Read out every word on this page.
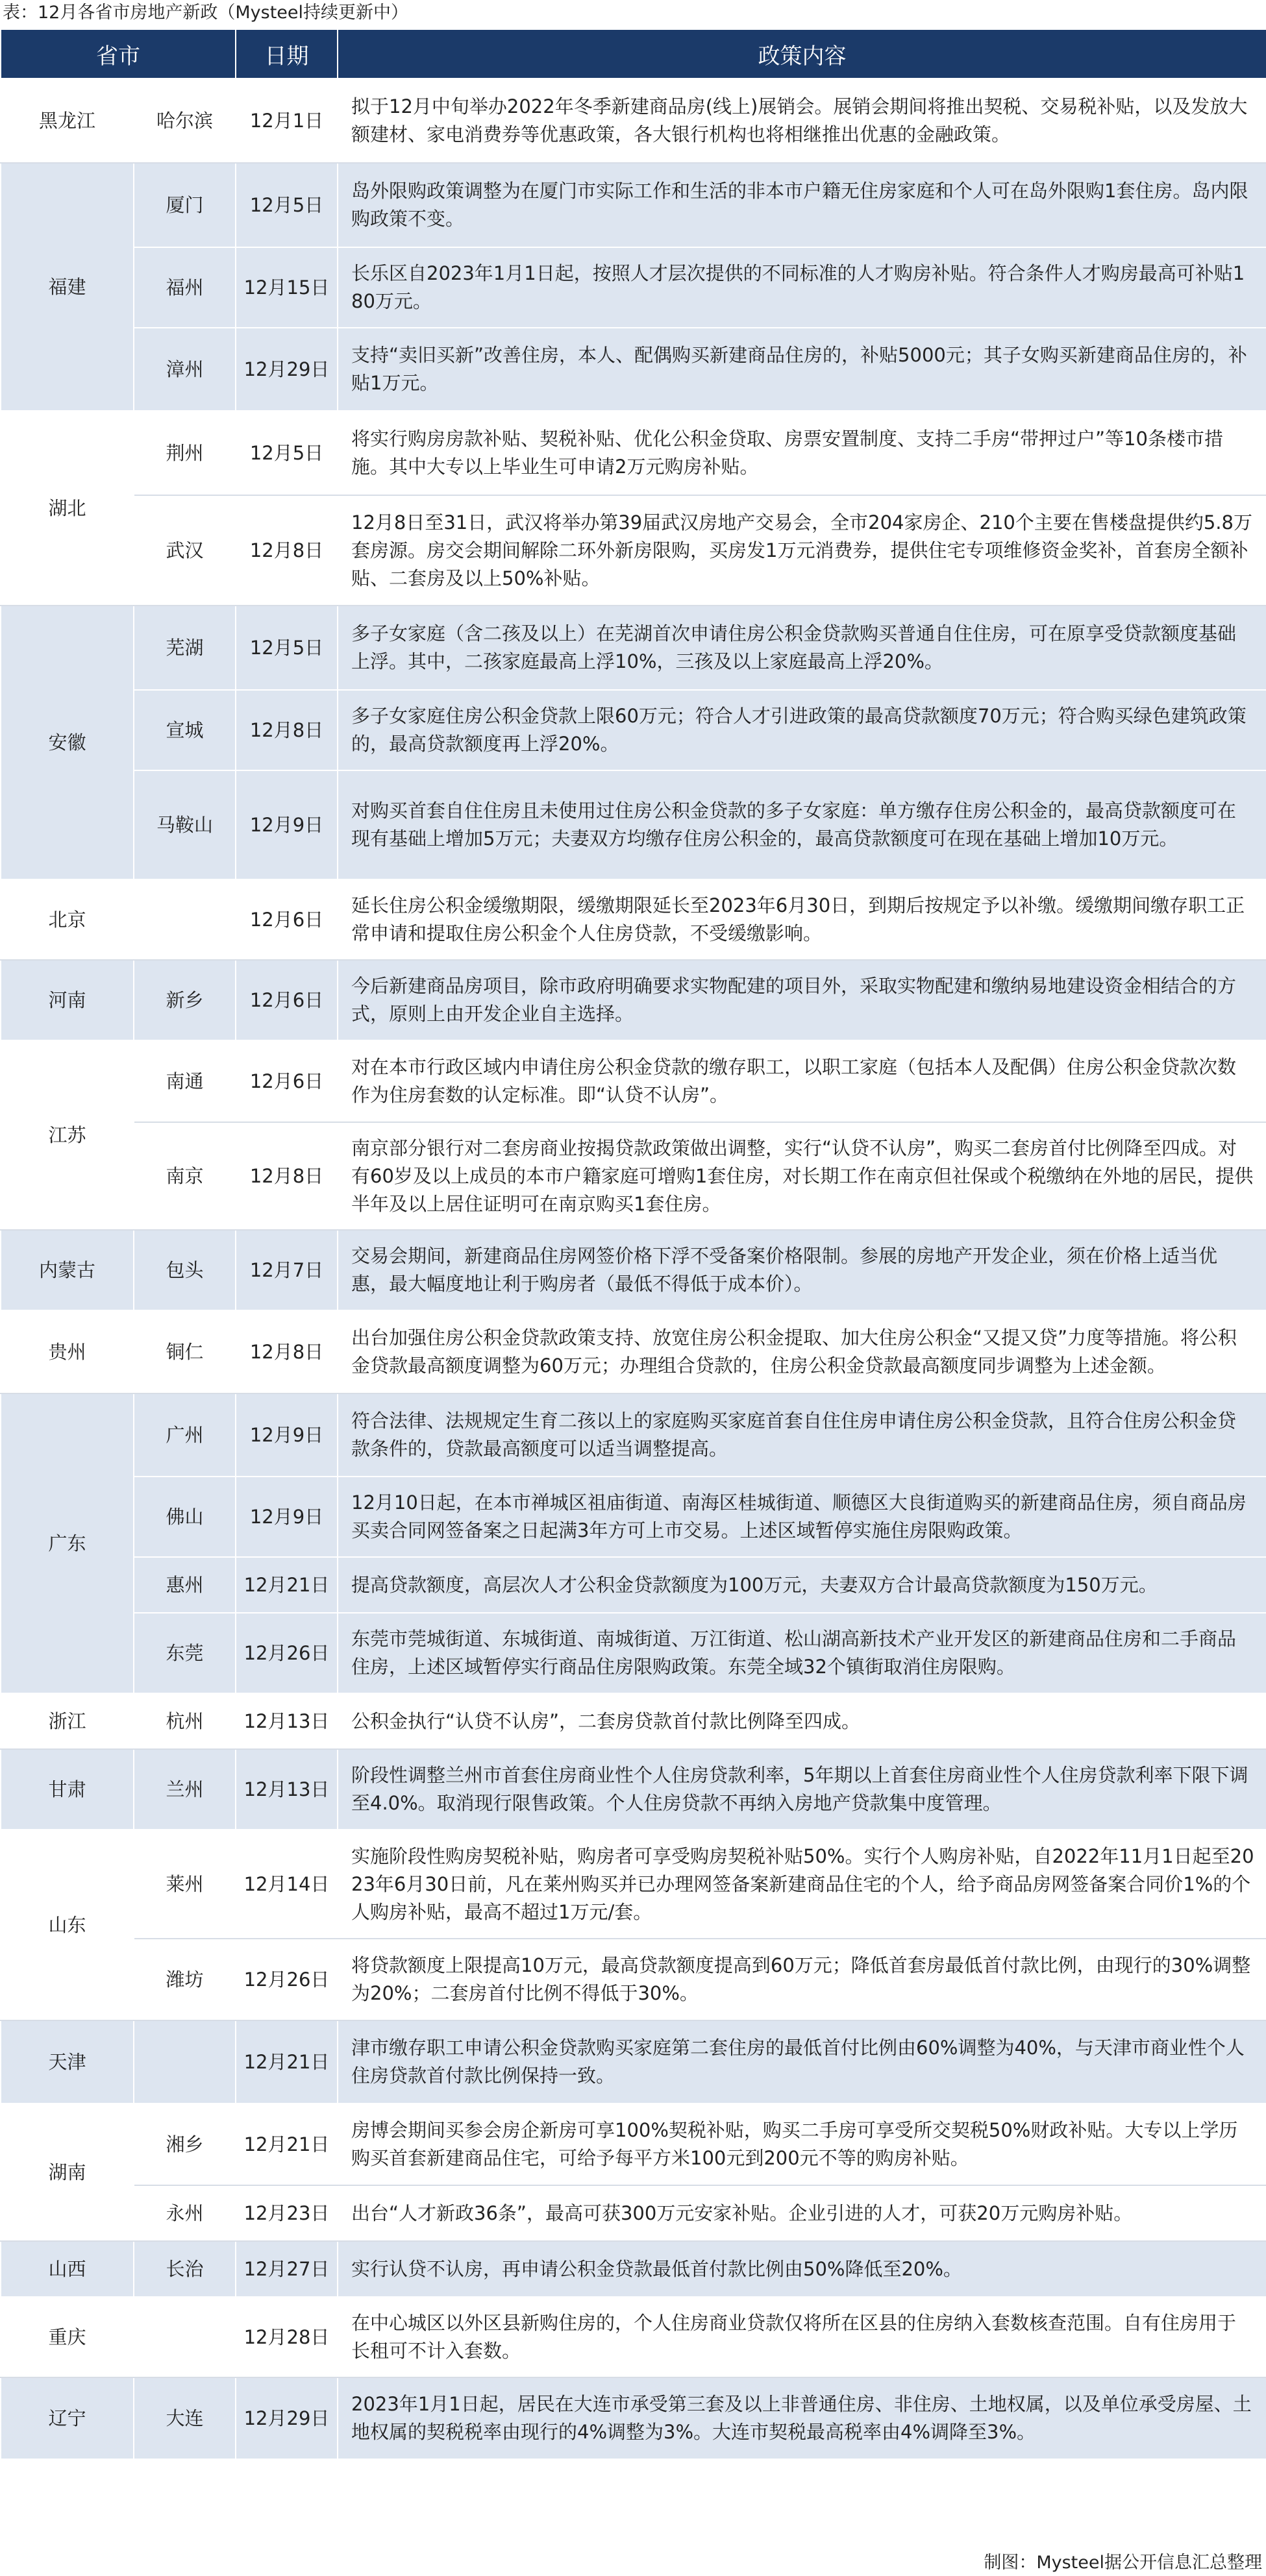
表：12月各省市房地产新政（Mysteel持续更新中）
省市		日期	政策内容
黑龙江	哈尔滨	12月1日	拟于12月中旬举办2022年冬季新建商品房(线上)展销会。展销会期间将推出契税、交易税补贴，以及发放大额建材、家电消费券等优惠政策，各大银行机构也将相继推出优惠的金融政策。
福建	厦门	12月5日	岛外限购政策调整为在厦门市实际工作和生活的非本市户籍无住房家庭和个人可在岛外限购1套住房。岛内限购政策不变。
	福州	12月15日	长乐区自2023年1月1日起，按照人才层次提供的不同标准的人才购房补贴。符合条件人才购房最高可补贴180万元。
	漳州	12月29日	支持“卖旧买新”改善住房，本人、配偶购买新建商品住房的，补贴5000元；其子女购买新建商品住房的，补贴1万元。
湖北	荆州	12月5日	将实行购房房款补贴、契税补贴、优化公积金贷取、房票安置制度、支持二手房“带押过户”等10条楼市措施。其中大专以上毕业生可申请2万元购房补贴。
	武汉	12月8日	12月8日至31日，武汉将举办第39届武汉房地产交易会，全市204家房企、210个主要在售楼盘提供约5.8万套房源。房交会期间解除二环外新房限购，买房发1万元消费券，提供住宅专项维修资金奖补，首套房全额补贴、二套房及以上50%补贴。
安徽	芜湖	12月5日	多子女家庭（含二孩及以上）在芜湖首次申请住房公积金贷款购买普通自住住房，可在原享受贷款额度基础上浮。其中，二孩家庭最高上浮10%，三孩及以上家庭最高上浮20%。
	宣城	12月8日	多子女家庭住房公积金贷款上限60万元；符合人才引进政策的最高贷款额度70万元；符合购买绿色建筑政策的，最高贷款额度再上浮20%。
	马鞍山	12月9日	对购买首套自住住房且未使用过住房公积金贷款的多子女家庭：单方缴存住房公积金的，最高贷款额度可在现有基础上增加5万元；夫妻双方均缴存住房公积金的，最高贷款额度可在现在基础上增加10万元。
北京		12月6日	延长住房公积金缓缴期限，缓缴期限延长至2023年6月30日，到期后按规定予以补缴。缓缴期间缴存职工正常申请和提取住房公积金个人住房贷款，不受缓缴影响。
河南	新乡	12月6日	今后新建商品房项目，除市政府明确要求实物配建的项目外，采取实物配建和缴纳易地建设资金相结合的方式，原则上由开发企业自主选择。
江苏	南通	12月6日	对在本市行政区域内申请住房公积金贷款的缴存职工，以职工家庭（包括本人及配偶）住房公积金贷款次数作为住房套数的认定标准。即“认贷不认房”。
	南京	12月8日	南京部分银行对二套房商业按揭贷款政策做出调整，实行“认贷不认房”，购买二套房首付比例降至四成。对有60岁及以上成员的本市户籍家庭可增购1套住房，对长期工作在南京但社保或个税缴纳在外地的居民，提供半年及以上居住证明可在南京购买1套住房。
内蒙古	包头	12月7日	交易会期间，新建商品住房网签价格下浮不受备案价格限制。参展的房地产开发企业，须在价格上适当优惠，最大幅度地让利于购房者（最低不得低于成本价）。
贵州	铜仁	12月8日	出台加强住房公积金贷款政策支持、放宽住房公积金提取、加大住房公积金“又提又贷”力度等措施。将公积金贷款最高额度调整为60万元；办理组合贷款的，住房公积金贷款最高额度同步调整为上述金额。
广东	广州	12月9日	符合法律、法规规定生育二孩以上的家庭购买家庭首套自住住房申请住房公积金贷款，且符合住房公积金贷款条件的，贷款最高额度可以适当调整提高。
	佛山	12月9日	12月10日起，在本市禅城区祖庙街道、南海区桂城街道、顺德区大良街道购买的新建商品住房，须自商品房买卖合同网签备案之日起满3年方可上市交易。上述区域暂停实施住房限购政策。
	惠州	12月21日	提高贷款额度，高层次人才公积金贷款额度为100万元，夫妻双方合计最高贷款额度为150万元。
	东莞	12月26日	东莞市莞城街道、东城街道、南城街道、万江街道、松山湖高新技术产业开发区的新建商品住房和二手商品住房，上述区域暂停实行商品住房限购政策。东莞全域32个镇街取消住房限购。
浙江	杭州	12月13日	公积金执行“认贷不认房”，二套房贷款首付款比例降至四成。
甘肃	兰州	12月13日	阶段性调整兰州市首套住房商业性个人住房贷款利率，5年期以上首套住房商业性个人住房贷款利率下限下调至4.0%。取消现行限售政策。个人住房贷款不再纳入房地产贷款集中度管理。
山东	莱州	12月14日	实施阶段性购房契税补贴，购房者可享受购房契税补贴50%。实行个人购房补贴，自2022年11月1日起至2023年6月30日前，凡在莱州购买并已办理网签备案新建商品住宅的个人，给予商品房网签备案合同价1%的个人购房补贴，最高不超过1万元/套。
	潍坊	12月26日	将贷款额度上限提高10万元，最高贷款额度提高到60万元；降低首套房最低首付款比例，由现行的30%调整为20%；二套房首付比例不得低于30%。
天津		12月21日	津市缴存职工申请公积金贷款购买家庭第二套住房的最低首付比例由60%调整为40%，与天津市商业性个人住房贷款首付款比例保持一致。
湖南	湘乡	12月21日	房博会期间买参会房企新房可享100%契税补贴，购买二手房可享受所交契税50%财政补贴。大专以上学历购买首套新建商品住宅，可给予每平方米100元到200元不等的购房补贴。
	永州	12月23日	出台“人才新政36条”，最高可获300万元安家补贴。企业引进的人才，可获20万元购房补贴。
山西	长治	12月27日	实行认贷不认房，再申请公积金贷款最低首付款比例由50%降低至20%。
重庆		12月28日	在中心城区以外区县新购住房的，个人住房商业贷款仅将所在区县的住房纳入套数核查范围。自有住房用于长租可不计入套数。
辽宁	大连	12月29日	2023年1月1日起，居民在大连市承受第三套及以上非普通住房、非住房、土地权属，以及单位承受房屋、土地权属的契税税率由现行的4%调整为3%。大连市契税最高税率由4%调降至3%。
制图：Mysteel据公开信息汇总整理
